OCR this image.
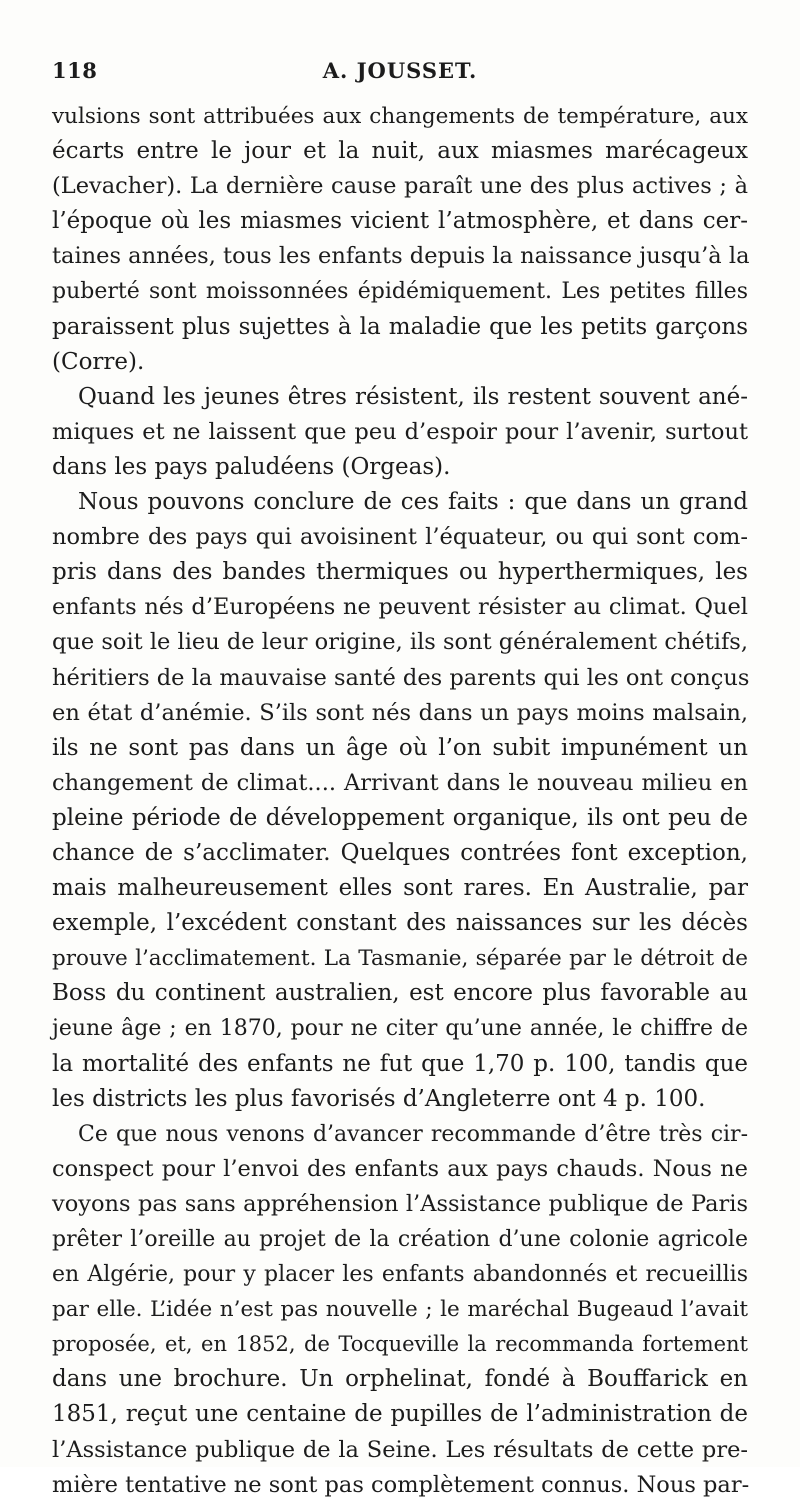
118	A. JOUSSET.
vulsions sont attribuées aux changements de température, aux
écarts entre le jour et la nuit, aux miasmes marécageux
(Levacher). La dernière cause paraît une des plus actives ; à
l’époque où les miasmes vicient l’atmosphère, et dans cer-
taines années, tous les enfants depuis la naissance jusqu’à la
puberté sont moissonnées épidémiquement. Les petites filles
paraissent plus sujettes à la maladie que les petits garçons
(Corre).
Quand les jeunes êtres résistent, ils restent souvent ané-
miques et ne laissent que peu d’espoir pour l’avenir, surtout
dans les pays paludéens (Orgeas).
Nous pouvons conclure de ces faits : que dans un grand
nombre des pays qui avoisinent l’équateur, ou qui sont com-
pris dans des bandes thermiques ou hyperthermiques, les
enfants nés d’Européens ne peuvent résister au climat. Quel
que soit le lieu de leur origine, ils sont généralement chétifs,
héritiers de la mauvaise santé des parents qui les ont conçus
en état d’anémie. S’ils sont nés dans un pays moins malsain,
ils ne sont pas dans un âge où l’on subit impunément un
changement de climat.... Arrivant dans le nouveau milieu en
pleine période de développement organique, ils ont peu de
chance de s’acclimater. Quelques contrées font exception,
mais malheureusement elles sont rares. En Australie, par
exemple, l’excédent constant des naissances sur les décès
prouve l’acclimatement. La Tasmanie, séparée par le détroit de
Boss du continent australien, est encore plus favorable au
jeune âge ; en 1870, pour ne citer qu’une année, le chiffre de
la mortalité des enfants ne fut que 1,70 p. 100, tandis que
les districts les plus favorisés d’Angleterre ont 4 p. 100.
Ce que nous venons d’avancer recommande d’être très cir-
conspect pour l’envoi des enfants aux pays chauds. Nous ne
voyons pas sans appréhension l’Assistance publique de Paris
prêter l’oreille au projet de la création d’une colonie agricole
en Algérie, pour y placer les enfants abandonnés et recueillis
par elle. L’idée n’est pas nouvelle ; le maréchal Bugeaud l’avait
proposée, et, en 1852, de Tocqueville la recommanda fortement
dans une brochure. Un orphelinat, fondé à Bouffarick en
1851, reçut une centaine de pupilles de l’administration de
l’Assistance publique de la Seine. Les résultats de cette pre-
mière tentative ne sont pas complètement connus. Nous par-
